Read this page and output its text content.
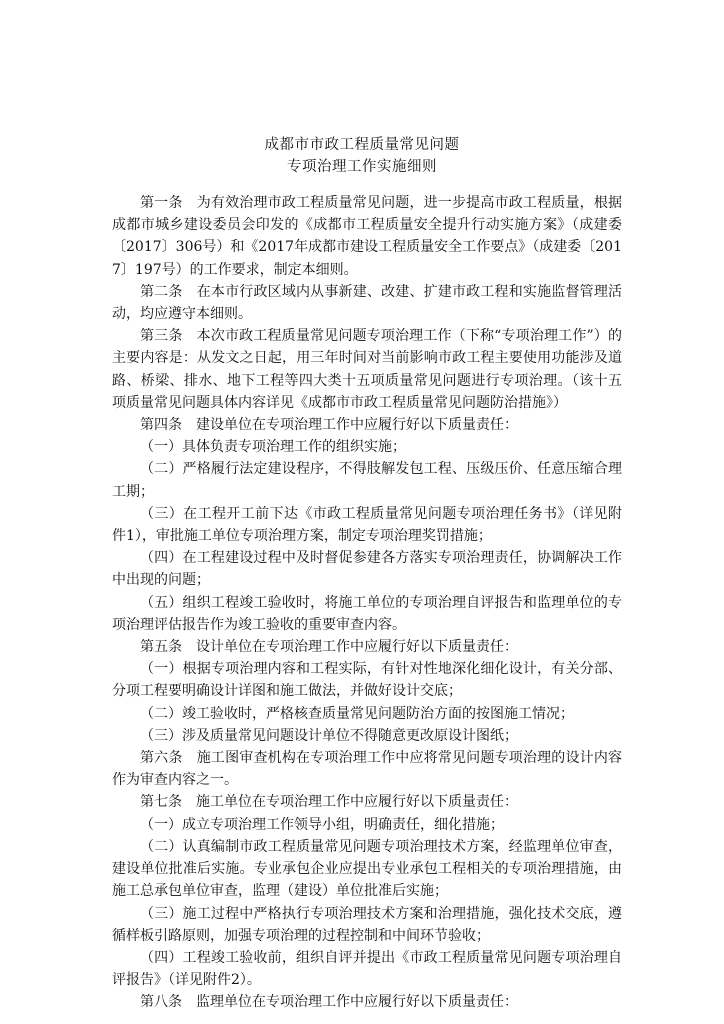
成都市市政工程质量常见问题
专项治理工作实施细则

第一条　为有效治理市政工程质量常见问题，进一步提高市政工程质量，根据成都市城乡建设委员会印发的《成都市工程质量安全提升行动实施方案》（成建委〔2017〕306号）和《2017年成都市建设工程质量安全工作要点》（成建委〔2017〕197号）的工作要求，制定本细则。

第二条　在本市行政区域内从事新建、改建、扩建市政工程和实施监督管理活动，均应遵守本细则。

第三条　本次市政工程质量常见问题专项治理工作（下称“专项治理工作”）的主要内容是：从发文之日起，用三年时间对当前影响市政工程主要使用功能涉及道路、桥梁、排水、地下工程等四大类十五项质量常见问题进行专项治理。（该十五项质量常见问题具体内容详见《成都市市政工程质量常见问题防治措施》）

第四条　建设单位在专项治理工作中应履行好以下质量责任：

（一）具体负责专项治理工作的组织实施；

（二）严格履行法定建设程序，不得肢解发包工程、压级压价、任意压缩合理工期；

（三）在工程开工前下达《市政工程质量常见问题专项治理任务书》（详见附件1），审批施工单位专项治理方案，制定专项治理奖罚措施；

（四）在工程建设过程中及时督促参建各方落实专项治理责任，协调解决工作中出现的问题；

（五）组织工程竣工验收时，将施工单位的专项治理自评报告和监理单位的专项治理评估报告作为竣工验收的重要审查内容。

第五条　设计单位在专项治理工作中应履行好以下质量责任：

（一）根据专项治理内容和工程实际，有针对性地深化细化设计，有关分部、分项工程要明确设计详图和施工做法，并做好设计交底；

（二）竣工验收时，严格核查质量常见问题防治方面的按图施工情况；

（三）涉及质量常见问题设计单位不得随意更改原设计图纸；

第六条　施工图审查机构在专项治理工作中应将常见问题专项治理的设计内容作为审查内容之一。

第七条　施工单位在专项治理工作中应履行好以下质量责任：

（一）成立专项治理工作领导小组，明确责任，细化措施；

（二）认真编制市政工程质量常见问题专项治理技术方案，经监理单位审查，建设单位批准后实施。专业承包企业应提出专业承包工程相关的专项治理措施，由施工总承包单位审查，监理（建设）单位批准后实施；

（三）施工过程中严格执行专项治理技术方案和治理措施，强化技术交底，遵循样板引路原则，加强专项治理的过程控制和中间环节验收；

（四）工程竣工验收前，组织自评并提出《市政工程质量常见问题专项治理自评报告》（详见附件2）。

第八条　监理单位在专项治理工作中应履行好以下质量责任：
